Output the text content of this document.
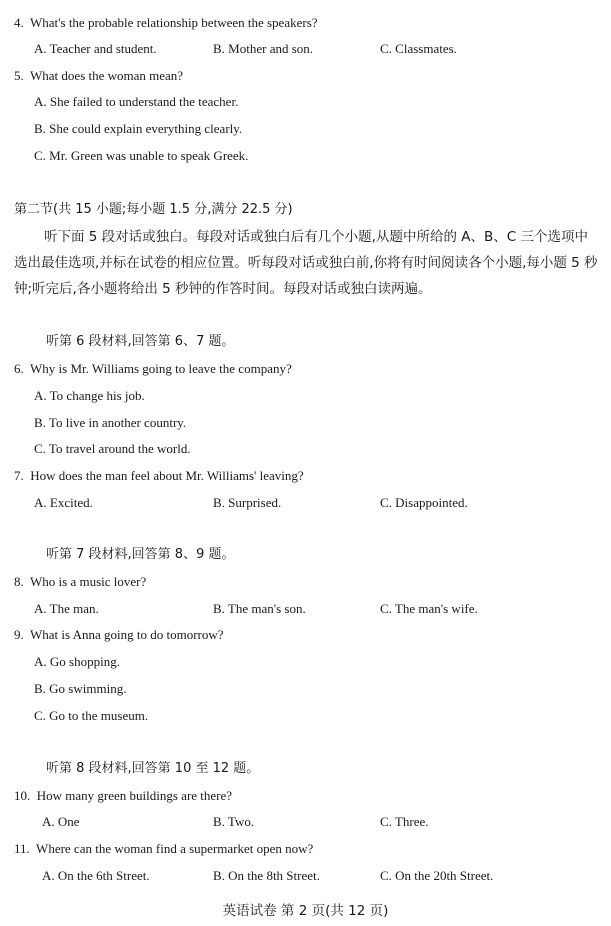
4. What's the probable relationship between the speakers?
A. Teacher and student.	B. Mother and son.	C. Classmates.
5. What does the woman mean?
A. She failed to understand the teacher.
B. She could explain everything clearly.
C. Mr. Green was unable to speak Greek.
第二节(共 15 小题;每小题 1.5 分,满分 22.5 分)
听下面 5 段对话或独白。每段对话或独白后有几个小题,从题中所给的 A、B、C 三个选项中选出最佳选项,并标在试卷的相应位置。听每段对话或独白前,你将有时间阅读各个小题,每小题 5 秒钟;听完后,各小题将给出 5 秒钟的作答时间。每段对话或独白读两遍。
听第 6 段材料,回答第 6、7 题。
6. Why is Mr. Williams going to leave the company?
A. To change his job.
B. To live in another country.
C. To travel around the world.
7. How does the man feel about Mr. Williams' leaving?
A. Excited.	B. Surprised.	C. Disappointed.
听第 7 段材料,回答第 8、9 题。
8. Who is a music lover?
A. The man.	B. The man's son.	C. The man's wife.
9. What is Anna going to do tomorrow?
A. Go shopping.
B. Go swimming.
C. Go to the museum.
听第 8 段材料,回答第 10 至 12 题。
10. How many green buildings are there?
A. One	B. Two.	C. Three.
11. Where can the woman find a supermarket open now?
A. On the 6th Street.	B. On the 8th Street.	C. On the 20th Street.
英语试卷 第 2 页(共 12 页)
